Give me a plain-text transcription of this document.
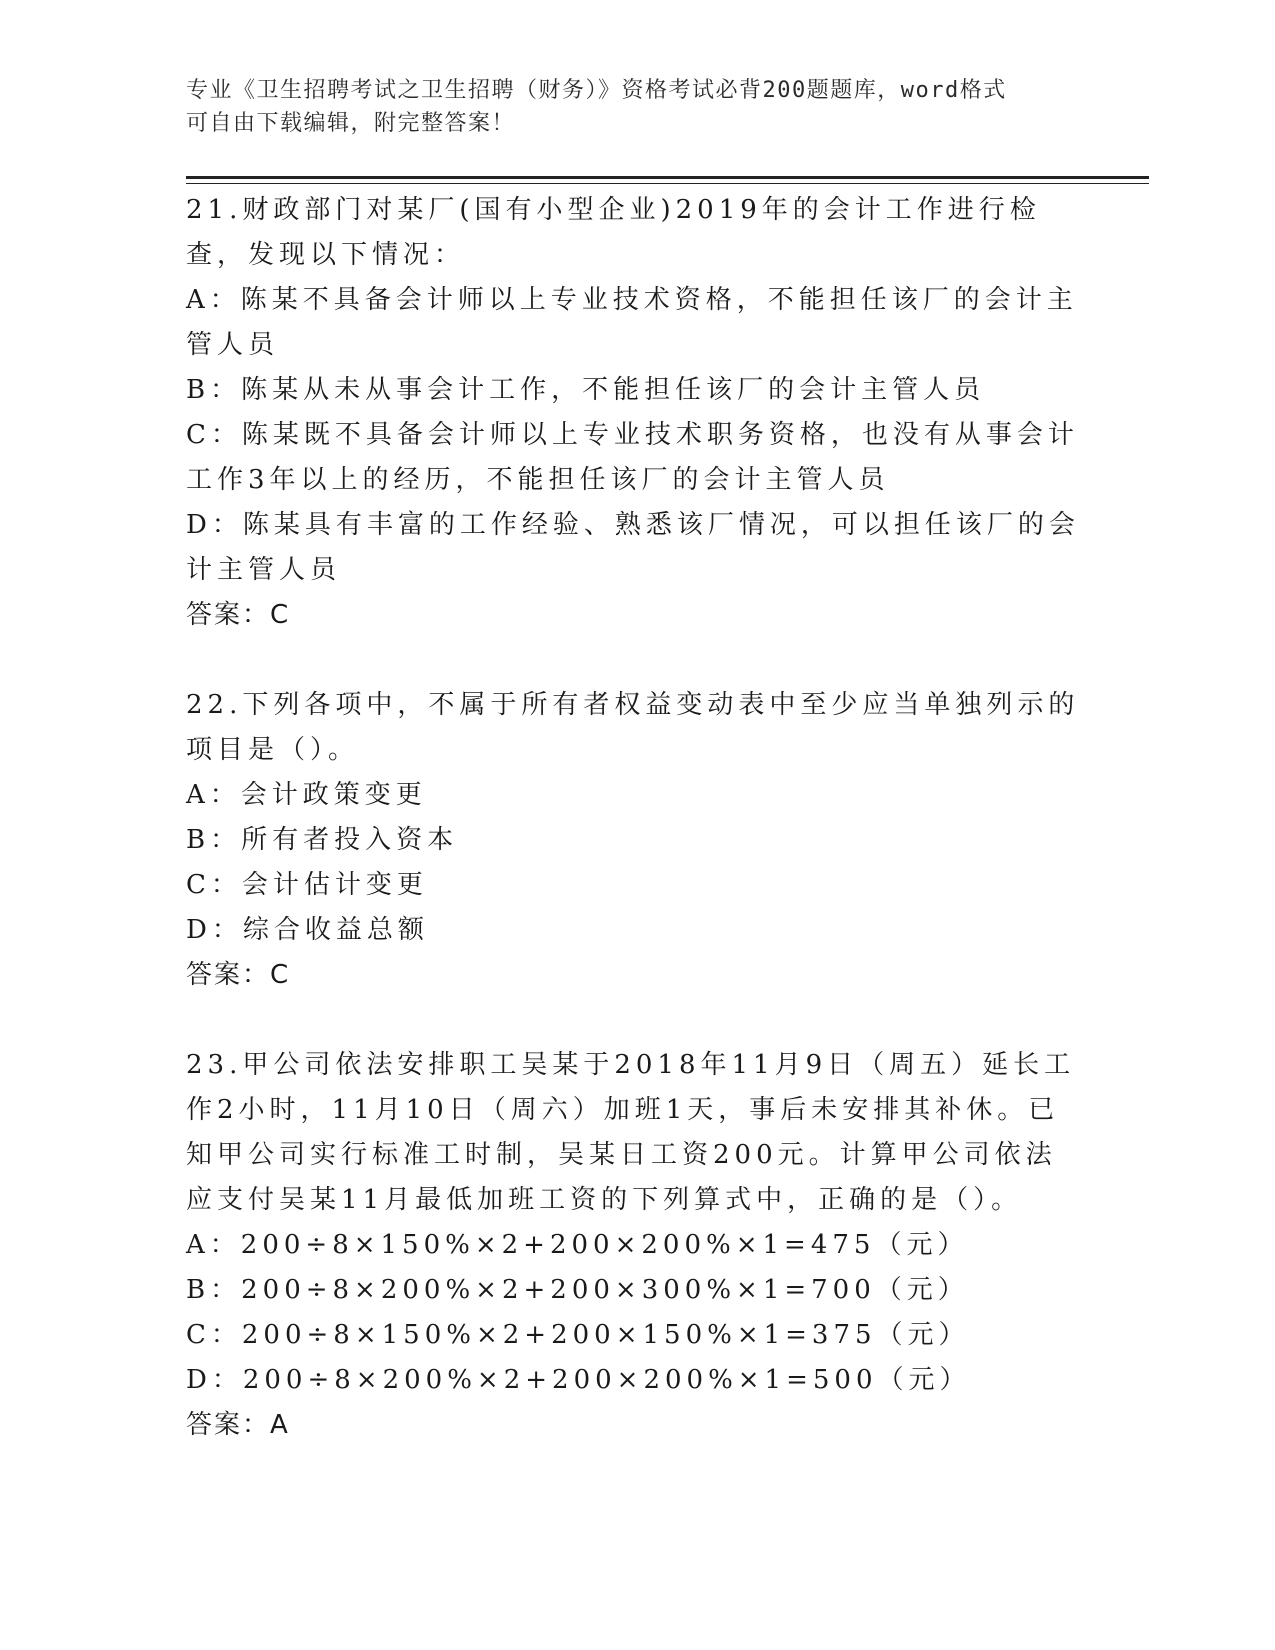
专业《卫生招聘考试之卫生招聘（财务）》资格考试必背200题题库，word格式
可自由下载编辑，附完整答案！

21.财政部门对某厂(国有小型企业)2019年的会计工作进行检查，发现以下情况：

A：陈某不具备会计师以上专业技术资格，不能担任该厂的会计主管人员

B：陈某从未从事会计工作，不能担任该厂的会计主管人员

C：陈某既不具备会计师以上专业技术职务资格，也没有从事会计工作3年以上的经历，不能担任该厂的会计主管人员

D：陈某具有丰富的工作经验、熟悉该厂情况，可以担任该厂的会计主管人员

答案：C

22.下列各项中，不属于所有者权益变动表中至少应当单独列示的项目是（）。

A：会计政策变更

B：所有者投入资本

C：会计估计变更

D：综合收益总额

答案：C

23.甲公司依法安排职工吴某于2018年11月9日（周五）延长工作2小时，11月10日（周六）加班1天，事后未安排其补休。已知甲公司实行标准工时制，吴某日工资200元。计算甲公司依法应支付吴某11月最低加班工资的下列算式中，正确的是（）。

A：200÷8×150%×2+200×200%×1=475（元）

B：200÷8×200%×2+200×300%×1=700（元）

C：200÷8×150%×2+200×150%×1=375（元）

D：200÷8×200%×2+200×200%×1=500（元）

答案：A
